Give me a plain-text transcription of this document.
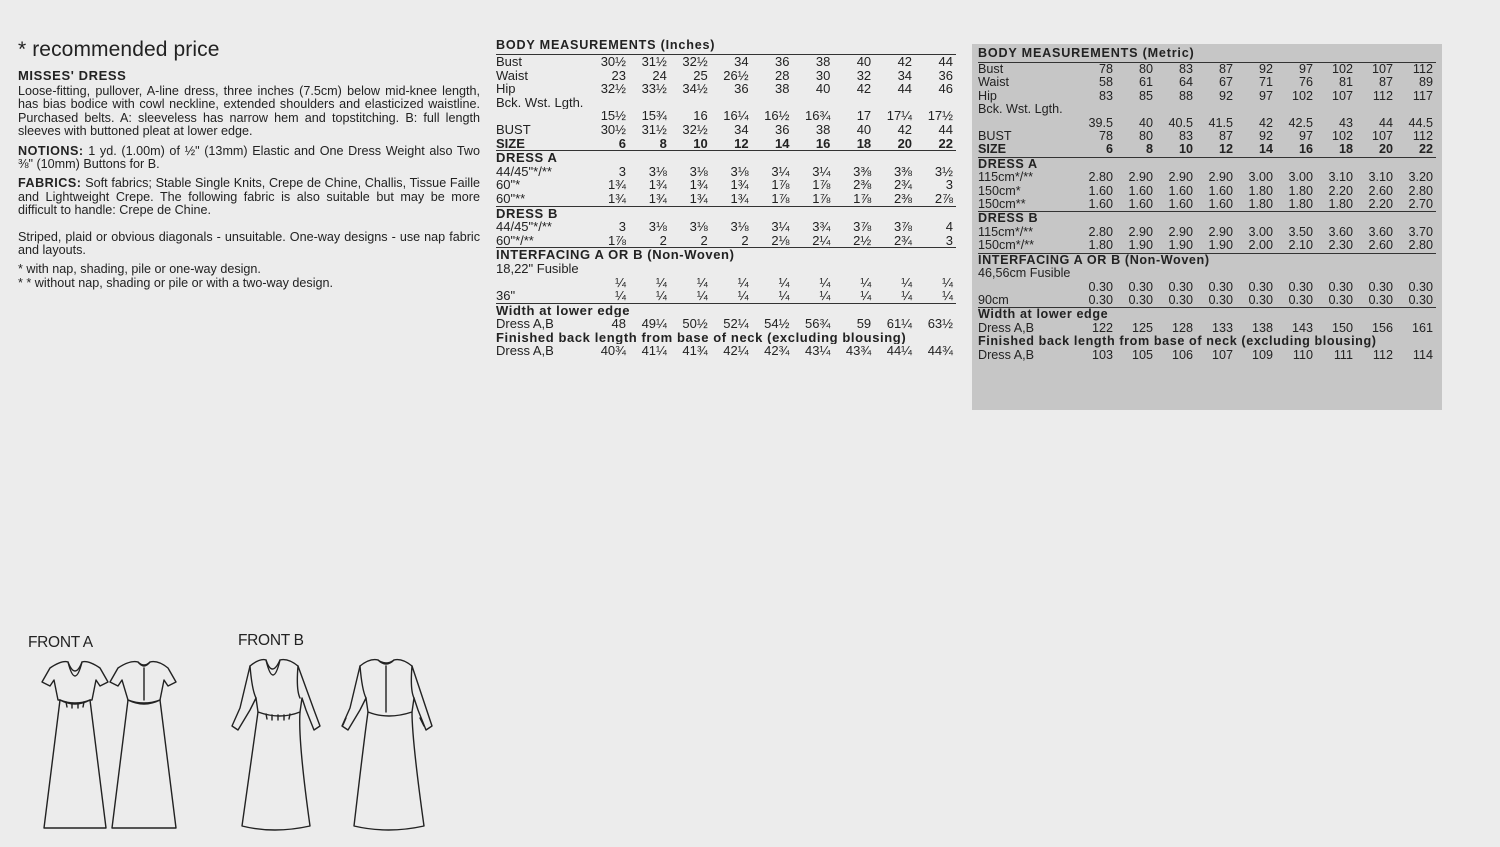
* recommended price
MISSES' DRESS

Loose-fitting, pullover, A-line dress, three inches (7.5cm) below mid-knee length, has bias bodice with cowl neckline, extended shoulders and elasticized waistline. Purchased belts. A: sleeveless has narrow hem and topstitching. B: full length sleeves with buttoned pleat at lower edge.

NOTIONS: 1 yd. (1.00m) of ½" (13mm) Elastic and One Dress Weight also Two ⅜" (10mm) Buttons for B.

FABRICS: Soft fabrics; Stable Single Knits, Crepe de Chine, Challis, Tissue Faille and Lightweight Crepe. The following fabric is also suitable but may be more difficult to handle: Crepe de Chine.

Striped, plaid or obvious diagonals - unsuitable. One-way designs - use nap fabric and layouts.

* with nap, shading, pile or one-way design.

* * without nap, shading or pile or with a two-way design.

FRONT A	FRONT B
BODY MEASUREMENTS (Inches)
Bust	30½	31½	32½	34	36	38	40	42	44
Waist	23	24	25	26½	28	30	32	34	36
Hip	32½	33½	34½	36	38	40	42	44	46
Bck. Wst. Lgth.									
	15½	15¾	16	16¼	16½	16¾	17	17¼	17½
BUST	30½	31½	32½	34	36	38	40	42	44
SIZE	6	8	10	12	14	16	18	20	22
DRESS A									
44/45"*/**	3	3⅛	3⅛	3⅛	3¼	3¼	3⅜	3⅜	3½
60"*	1¾	1¾	1¾	1¾	1⅞	1⅞	2⅜	2¾	3
60"**	1¾	1¾	1¾	1¾	1⅞	1⅞	1⅞	2⅜	2⅞
DRESS B									
44/45"*/**	3	3⅛	3⅛	3⅛	3¼	3¾	3⅞	3⅞	4
60"*/**	1⅞	2	2	2	2⅛	2¼	2½	2¾	3
INTERFACING A OR B (Non-Woven)									
18,22" Fusible									
	¼	¼	¼	¼	¼	¼	¼	¼	¼
36"	¼	¼	¼	¼	¼	¼	¼	¼	¼
Width at lower edge									
Dress A,B	48	49¼	50½	52¼	54½	56¾	59	61¼	63½
Finished back length from base of neck (excluding blousing)									
Dress A,B	40¾	41¼	41¾	42¼	42¾	43¼	43¾	44¼	44¾
BODY MEASUREMENTS (Metric)
Bust	78	80	83	87	92	97	102	107	112
Waist	58	61	64	67	71	76	81	87	89
Hip	83	85	88	92	97	102	107	112	117
Bck. Wst. Lgth.									
	39.5	40	40.5	41.5	42	42.5	43	44	44.5
BUST	78	80	83	87	92	97	102	107	112
SIZE	6	8	10	12	14	16	18	20	22
DRESS A									
115cm*/**	2.80	2.90	2.90	2.90	3.00	3.00	3.10	3.10	3.20
150cm*	1.60	1.60	1.60	1.60	1.80	1.80	2.20	2.60	2.80
150cm**	1.60	1.60	1.60	1.60	1.80	1.80	1.80	2.20	2.70
DRESS B									
115cm*/**	2.80	2.90	2.90	2.90	3.00	3.50	3.60	3.60	3.70
150cm*/**	1.80	1.90	1.90	1.90	2.00	2.10	2.30	2.60	2.80
INTERFACING A OR B (Non-Woven)									
46,56cm Fusible									
	0.30	0.30	0.30	0.30	0.30	0.30	0.30	0.30	0.30
90cm	0.30	0.30	0.30	0.30	0.30	0.30	0.30	0.30	0.30
Width at lower edge									
Dress A,B	122	125	128	133	138	143	150	156	161
Finished back length from base of neck (excluding blousing)									
Dress A,B	103	105	106	107	109	110	111	112	114
